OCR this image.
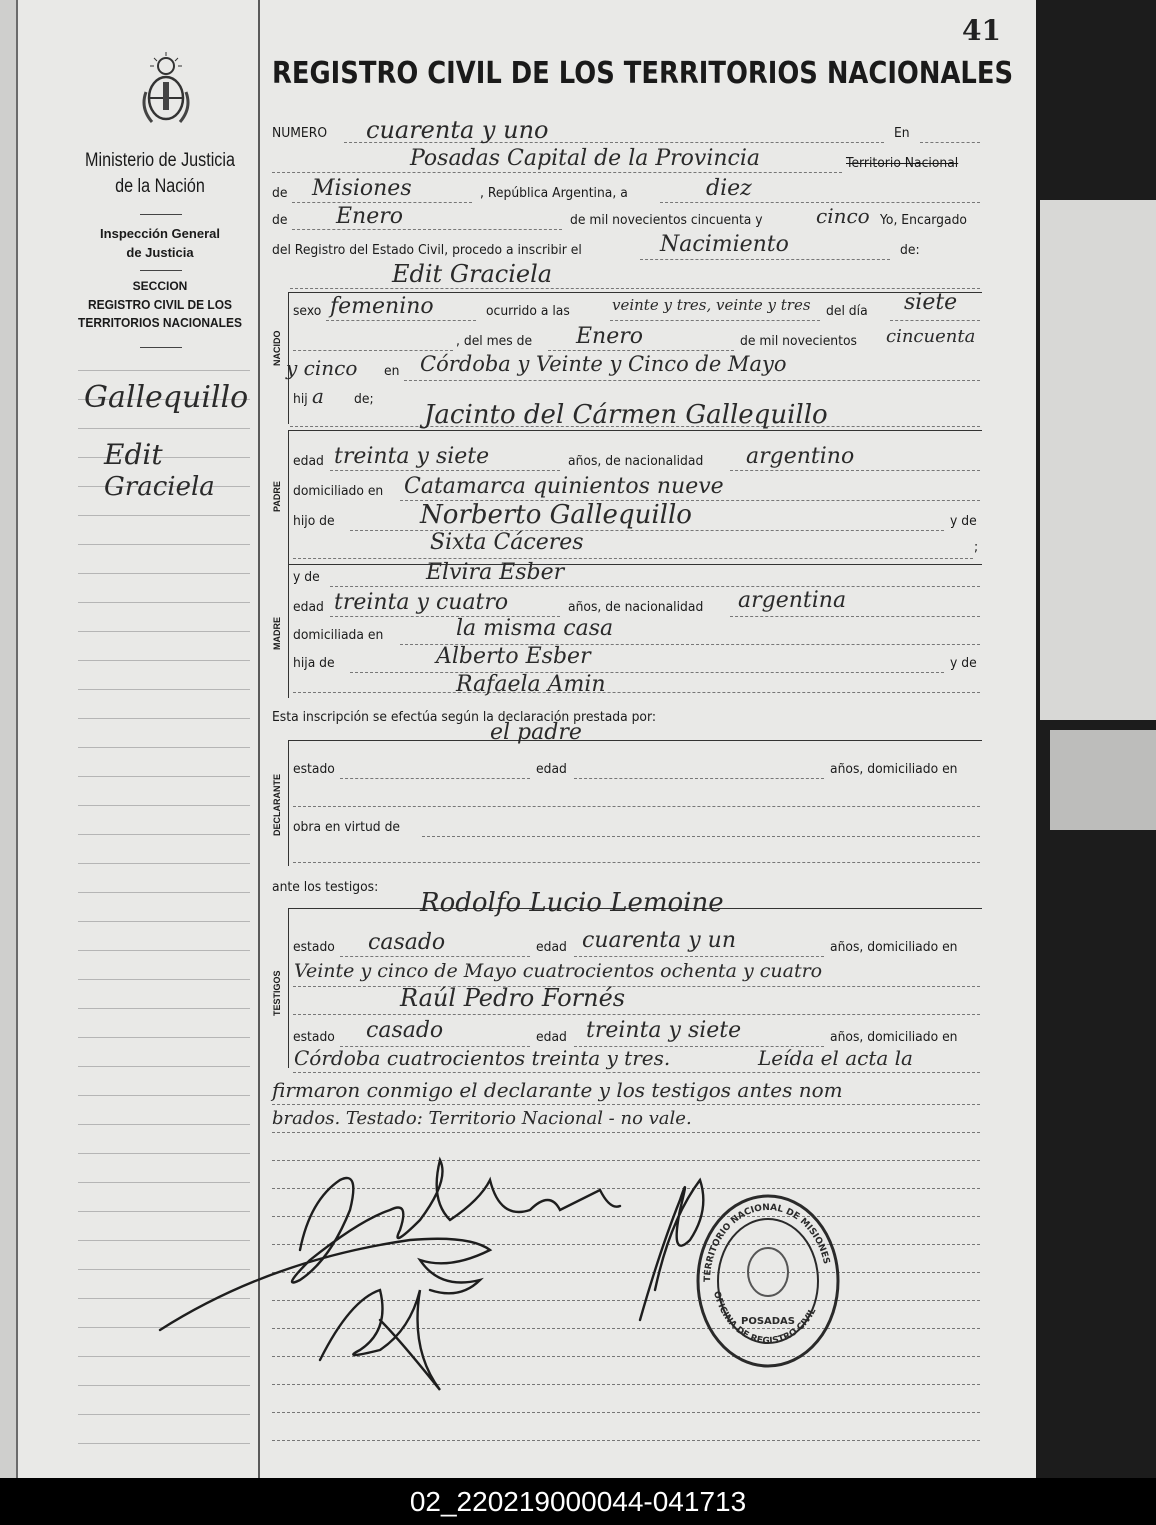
41
REGISTRO CIVIL DE LOS TERRITORIOS NACIONALES
Ministerio de Justicia
de la Nación
Inspección General
de Justicia
SECCION
REGISTRO CIVIL DE LOS
TERRITORIOS NACIONALES
Gallequillo
Edit
Graciela
NUMERO cuarenta y uno	En
Posadas Capital de la Provincia	Territorio Nacional
de Misiones	, República Argentina, a	diez
de Enero	de mil novecientos cincuenta y	cinco Yo, Encargado
del Registro del Estado Civil, procedo a inscribir el	Nacimiento	de:
Edit Graciela
NACIDO
sexo femenino	ocurrido a las	veinte y tres, veinte y tres del día siete
, del mes de Enero	de mil novecientos cincuenta
y cinco en Córdoba y Veinte y Cinco de Mayo
hij a de;
Jacinto del Cármen Gallequillo
PADRE
edad treinta y siete	años, de nacionalidad argentino
domiciliado en Catamarca quinientos nueve
hijo de	Norberto Gallequillo	y de
Sixta Cáceres	;
MADRE
y de	Elvira Esber
edad treinta y cuatro	años, de nacionalidad argentina
domiciliada en	la misma casa
hija de	Alberto Esber	y de
Rafaela Amin
Esta inscripción se efectúa según la declaración prestada por:
DECLARANTE
el padre
estado	edad	años, domiciliado en
obra en virtud de
ante los testigos:
TESTIGOS
Rodolfo Lucio Lemoine
estado casado	edad cuarenta y un	años, domiciliado en
Veinte y cinco de Mayo cuatrocientos ochenta y cuatro
Raúl Pedro Fornés
estado casado	edad treinta y siete	años, domiciliado en
Córdoba cuatrocientos treinta y tres.	Leída el acta la
firmaron conmigo el declarante y los testigos antes nom
brados. Testado: Territorio Nacional - no vale.
TERRITORIO NACIONAL DE MISIONES
OFICINA DE REGISTRO CIVIL
POSADAS
02_220219000044-041713
